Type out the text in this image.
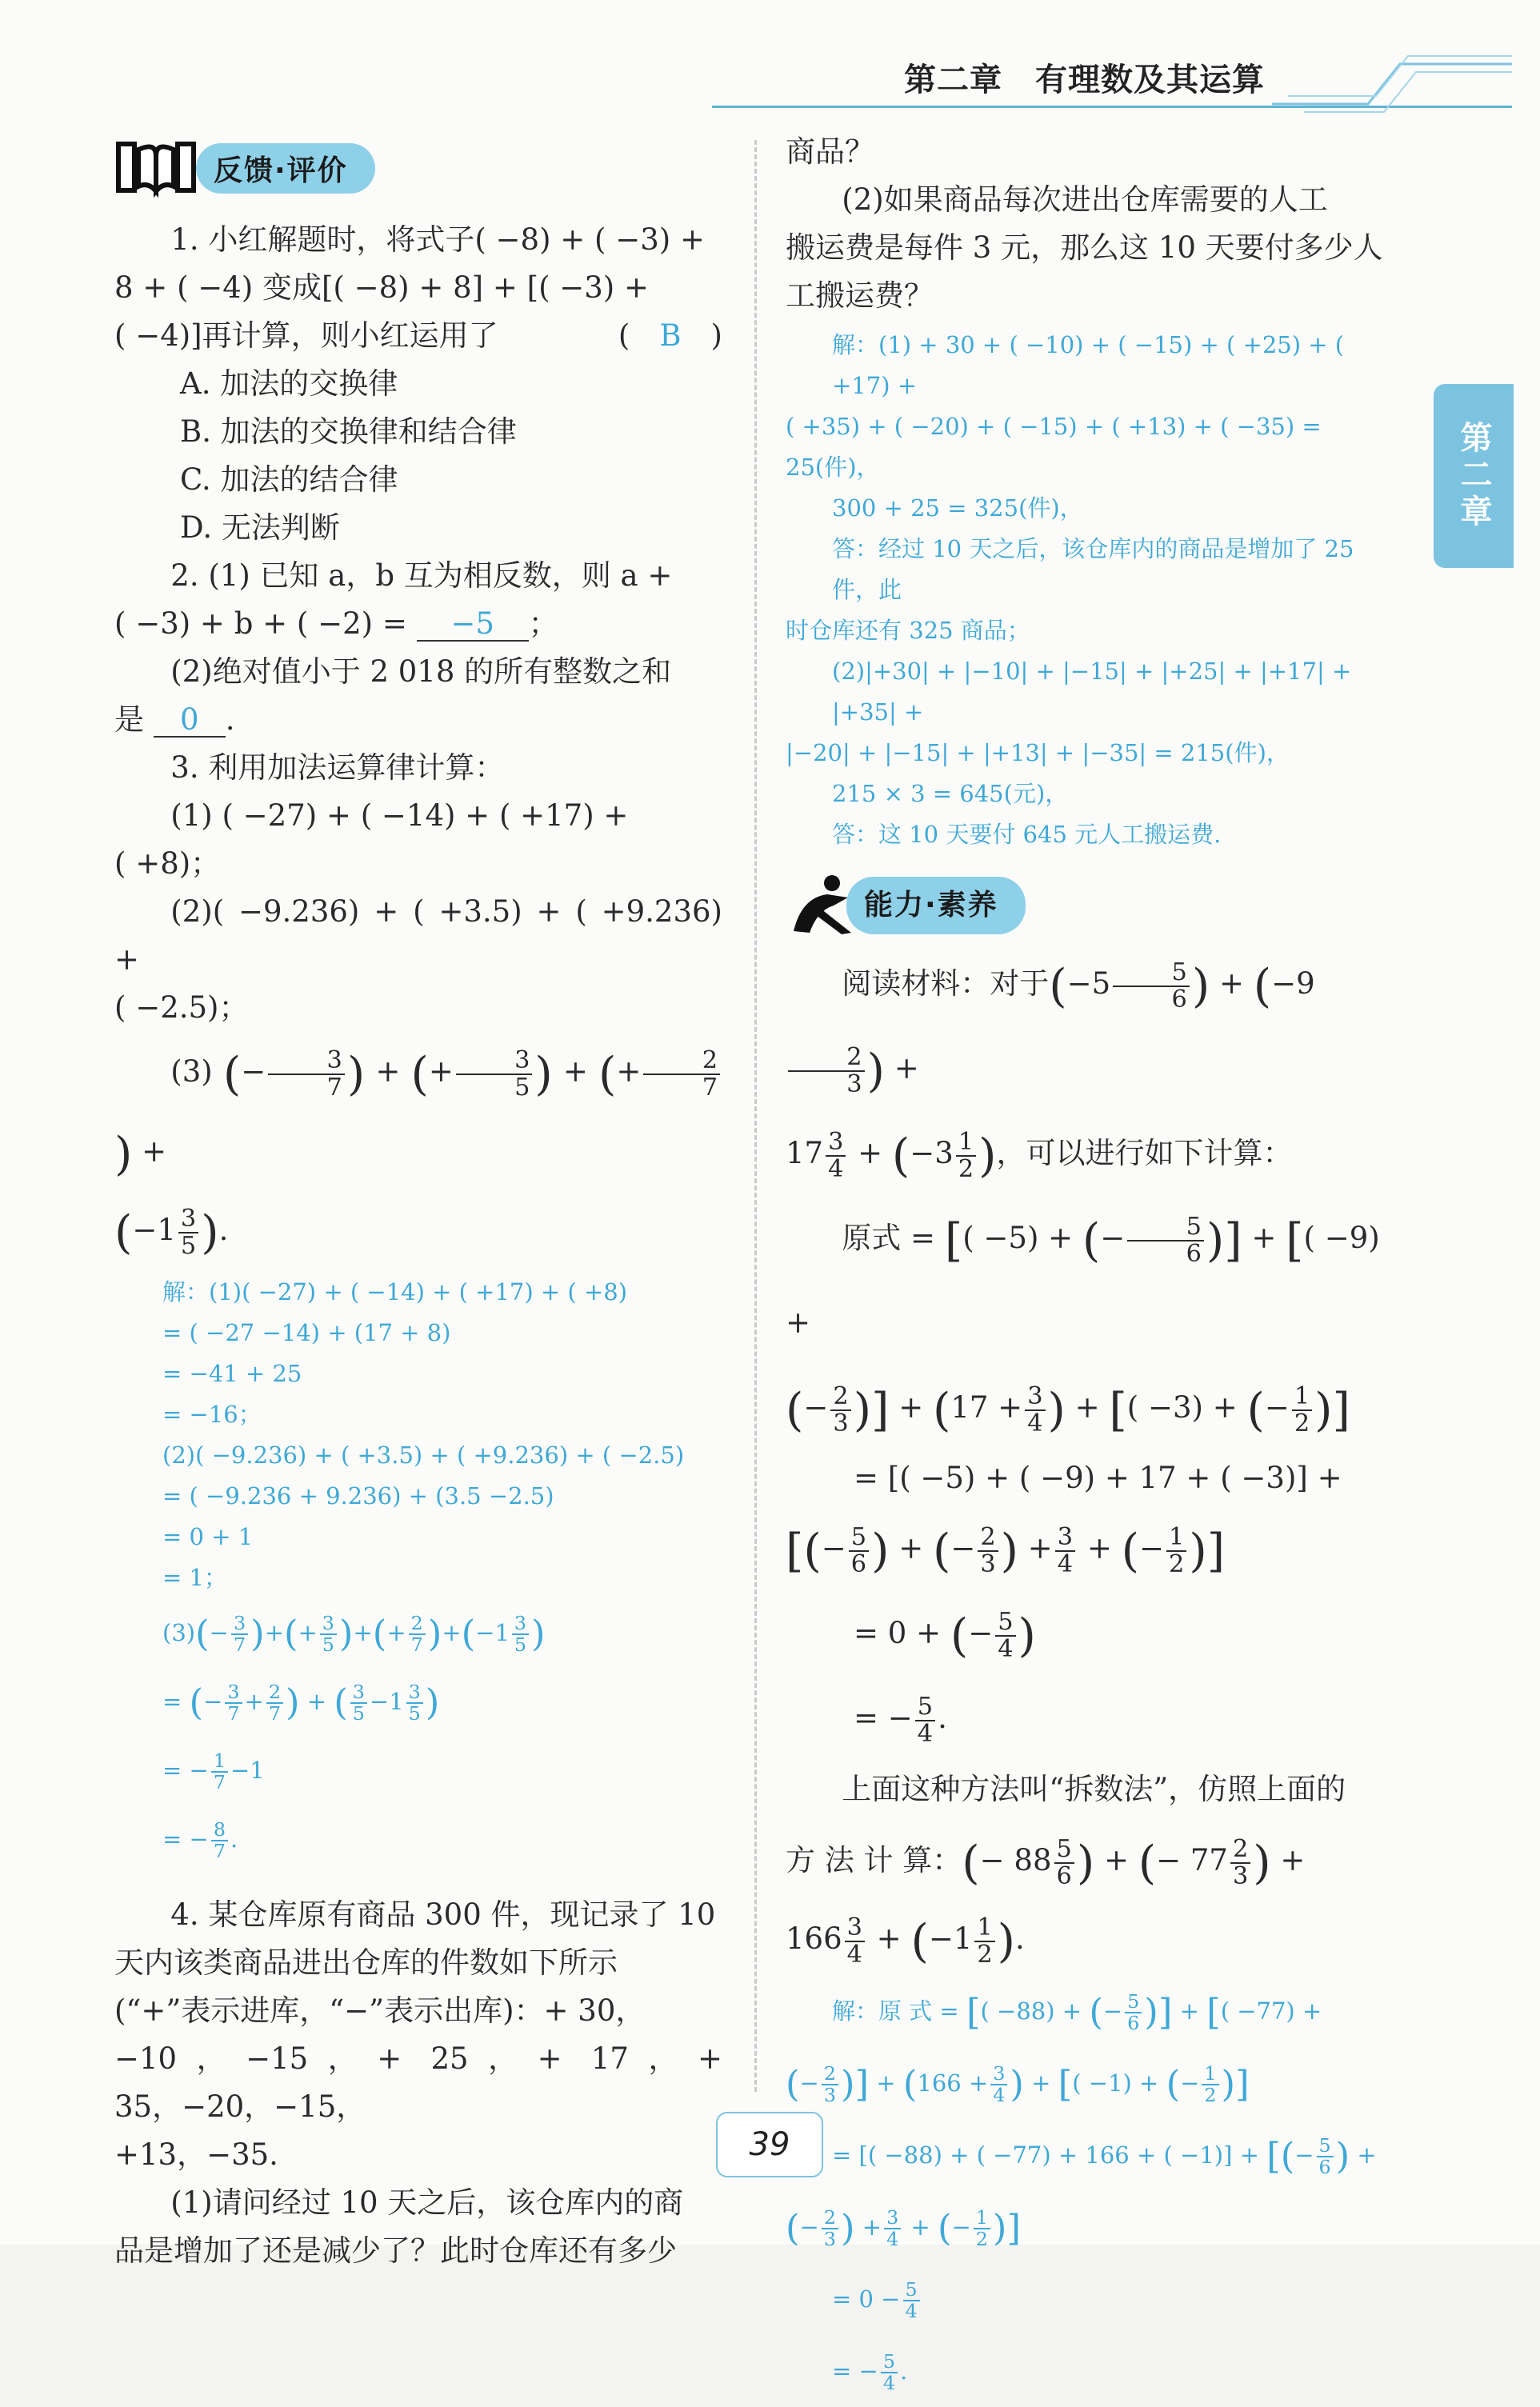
第二章　有理数及其运算
第二章
反馈·评价

1. 小红解题时，将式子( −8) + ( −3) +

8 + ( −4) 变成[( −8) + 8] + [( −3) +

( −4)]再计算，则小红运用了	(　B　)

A. 加法的交换律

B. 加法的交换律和结合律

C. 加法的结合律

D. 无法判断

2. (1) 已知 a，b 互为相反数，则 a +

( −3) + b + ( −2) = −5 ；

(2)绝对值小于 2 018 的所有整数之和

是 0 .

3. 利用加法运算律计算：

(1) ( −27) + ( −14) + ( +17) +

( +8)；

(2)( −9.236) + ( +3.5) + ( +9.236) +

( −2.5)；

(3) (− $\frac{3}{7}$ ) + (+ $\frac{3}{5}$ ) + (+ $\frac{2}{7}$
) +

($-1 \frac{3}{5}$ ).

解：(1)( −27) + ( −14) + ( +17) + ( +8)
= ( −27 −14) + (17 + 8)
= −41 + 25
= −16；
(2)( −9.236) + ( +3.5) + ( +9.236) + ( −2.5)
= ( −9.236 + 9.236) + (3.5 −2.5)
= 0 + 1
= 1；
$(3)(- \frac{3}{7}$ )+(+ $\frac{3}{5}$ )+(+ $\frac{2}{7} )+(-1 \frac{3}{5}$ )
= (− $\frac{3}{7} + \frac{2}{7}$ ) + ( $\frac{3}{5} -1 \frac{3}{5}$ )
= − $\frac{1}{7} -1$
= − $\frac{8}{7}$ .

4. 某仓库原有商品 300 件，现记录了 10

天内该类商品进出仓库的件数如下所示

(“+”表示进库，“−”表示出库)：+ 30，

−10，−15，+ 25，+ 17，+ 35，−20，−15，

+13，−35.

(1)请问经过 10 天之后，该仓库内的商

品是增加了还是减少了？此时仓库还有多少

商品？

(2)如果商品每次进出仓库需要的人工

搬运费是每件 3 元，那么这 10 天要付多少人

工搬运费？

解：(1) + 30 + ( −10) + ( −15) + ( +25) + ( +17) +
( +35) + ( −20) + ( −15) + ( +13) + ( −35) = 25(件)，
300 + 25 = 325(件)，
答：经过 10 天之后，该仓库内的商品是增加了 25 件，此
时仓库还有 325 商品；
(2)|+30| + |−10| + |−15| + |+25| + |+17| + |+35| +
|−20| + |−15| + |+13| + |−35| = 215(件)，
215 × 3 = 645(元)，
答：这 10 天要付 645 元人工搬运费.
能力·素养
阅读材料：对于($-5 \frac{5}{6}$ ) + (−9
$\frac{2}{3}$ ) +
$17 \frac{3}{4} + (-3 \frac{1}{2}$ )，可以进行如下计算：
原式 = [( −5) + (− $\frac{5}{6}$ )] + [( −9) +
(− $\frac{2}{3}$ )] + ($17 + \frac{3}{4}$ ) + [( −3) + (− $\frac{1}{2}$ )]
= [( −5) + ( −9) + 17 + ( −3)] +
[(− $\frac{5}{6}$ ) + (− $\frac{2}{3}$ ) + $\frac{3}{4}$ + (− $\frac{1}{2}$ )]
= 0 + (− $\frac{5}{4}$ )
= − $\frac{5}{4}$ .
上面这种方法叫“拆数法”，仿照上面的
方 法 计 算：(− $88 \frac{5}{6}$ ) + (− $77 \frac{2}{3}$ ) +
$166 \frac{3}{4} + (-1 \frac{1}{2}$ ).
解：原 式 = [( −88) + (− $\frac{5}{6}$ )] + [( −77) +
(− $\frac{2}{3}$ )] + ($166 + \frac{3}{4}$ ) + [( −1) + (− $\frac{1}{2}$ )]
= [( −88) + ( −77) + 166 + ( −1)] + [(− $\frac{5}{6}$ ) +
(− $\frac{2}{3}$ ) + $\frac{3}{4}$ + (− $\frac{1}{2}$ )]
= $0 - \frac{5}{4}$
= − $\frac{5}{4}$ .
39
